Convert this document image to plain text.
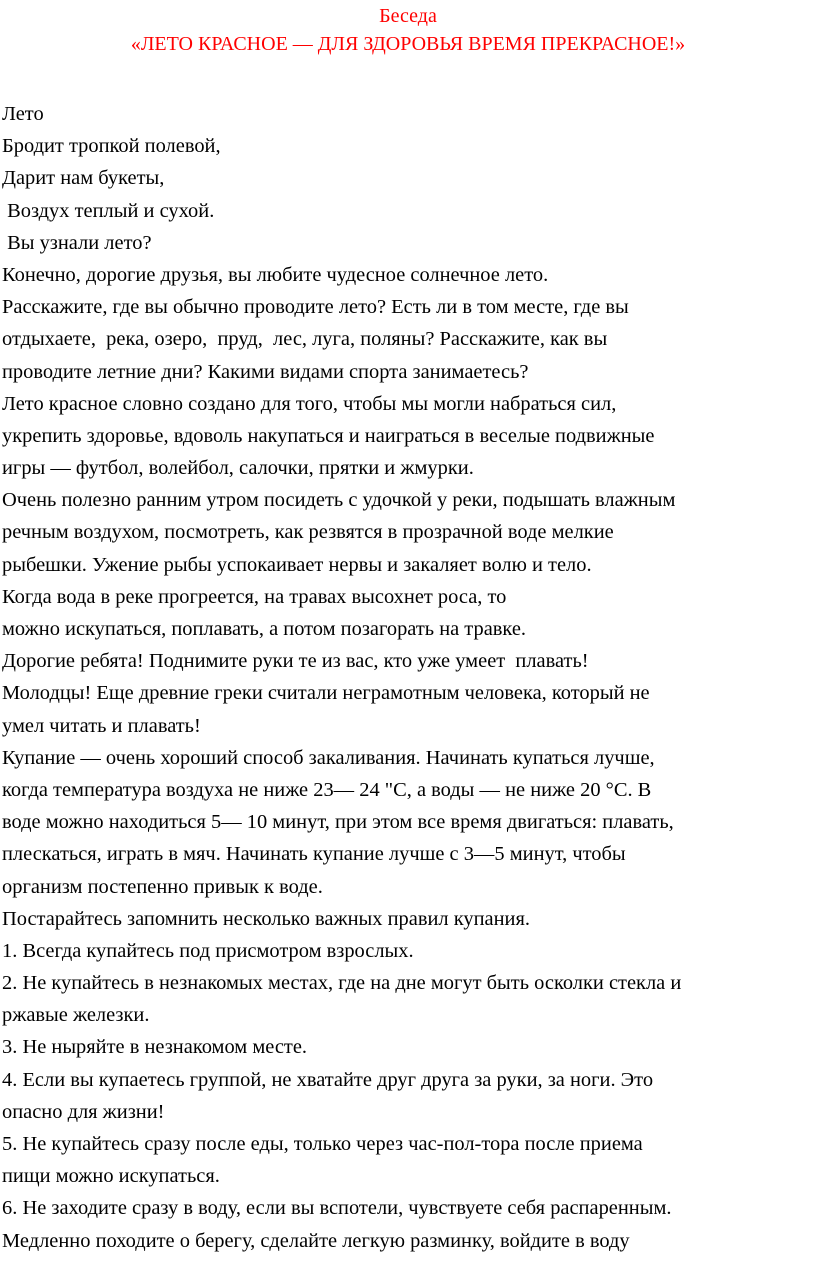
Беседа
«ЛЕТО КРАСНОЕ — ДЛЯ ЗДОРОВЬЯ ВРЕМЯ ПРЕКРАСНОЕ!»
Лето
Бродит тропкой полевой,
Дарит нам букеты,
Воздух теплый и сухой.
Вы узнали лето?
Конечно, дорогие друзья, вы любите чудесное солнечное лето.
Расскажите, где вы обычно проводите лето? Есть ли в том месте, где вы
отдыхаете,  река, озеро,  пруд,  лес, луга, поляны? Расскажите, как вы
проводите летние дни? Какими видами спорта занимаетесь?
Лето красное словно создано для того, чтобы мы могли набраться сил,
укрепить здоровье, вдоволь накупаться и наиграться в веселые подвижные
игры — футбол, волейбол, салочки, прятки и жмурки.
Очень полезно ранним утром посидеть с удочкой у реки, подышать влажным
речным воздухом, посмотреть, как резвятся в прозрачной воде мелкие
рыбешки. Ужение рыбы успокаивает нервы и закаляет волю и тело.
Когда вода в реке прогреется, на травах высохнет роса, то
можно искупаться, поплавать, а потом позагорать на травке.
Дорогие ребята! Поднимите руки те из вас, кто уже умеет  плавать!
Молодцы! Еще древние греки считали неграмотным человека, который не
умел читать и плавать!
Купание — очень хороший способ закаливания. Начинать купаться лучше,
когда температура воздуха не ниже 23— 24 "С, а воды — не ниже 20 °С. В
воде можно находиться 5— 10 минут, при этом все время двигаться: плавать,
плескаться, играть в мяч. Начинать купание лучше с 3—5 минут, чтобы
организм постепенно привык к воде.
Постарайтесь запомнить несколько важных правил купания.
1. Всегда купайтесь под присмотром взрослых.
2. Не купайтесь в незнакомых местах, где на дне могут быть осколки стекла и
ржавые железки.
3. Не ныряйте в незнакомом месте.
4. Если вы купаетесь группой, не хватайте друг друга за руки, за ноги. Это
опасно для жизни!
5. Не купайтесь сразу после еды, только через час-пол-тора после приема
пищи можно искупаться.
6. Не заходите сразу в воду, если вы вспотели, чувствуете себя распаренным.
Медленно походите о берегу, сделайте легкую разминку, войдите в воду
